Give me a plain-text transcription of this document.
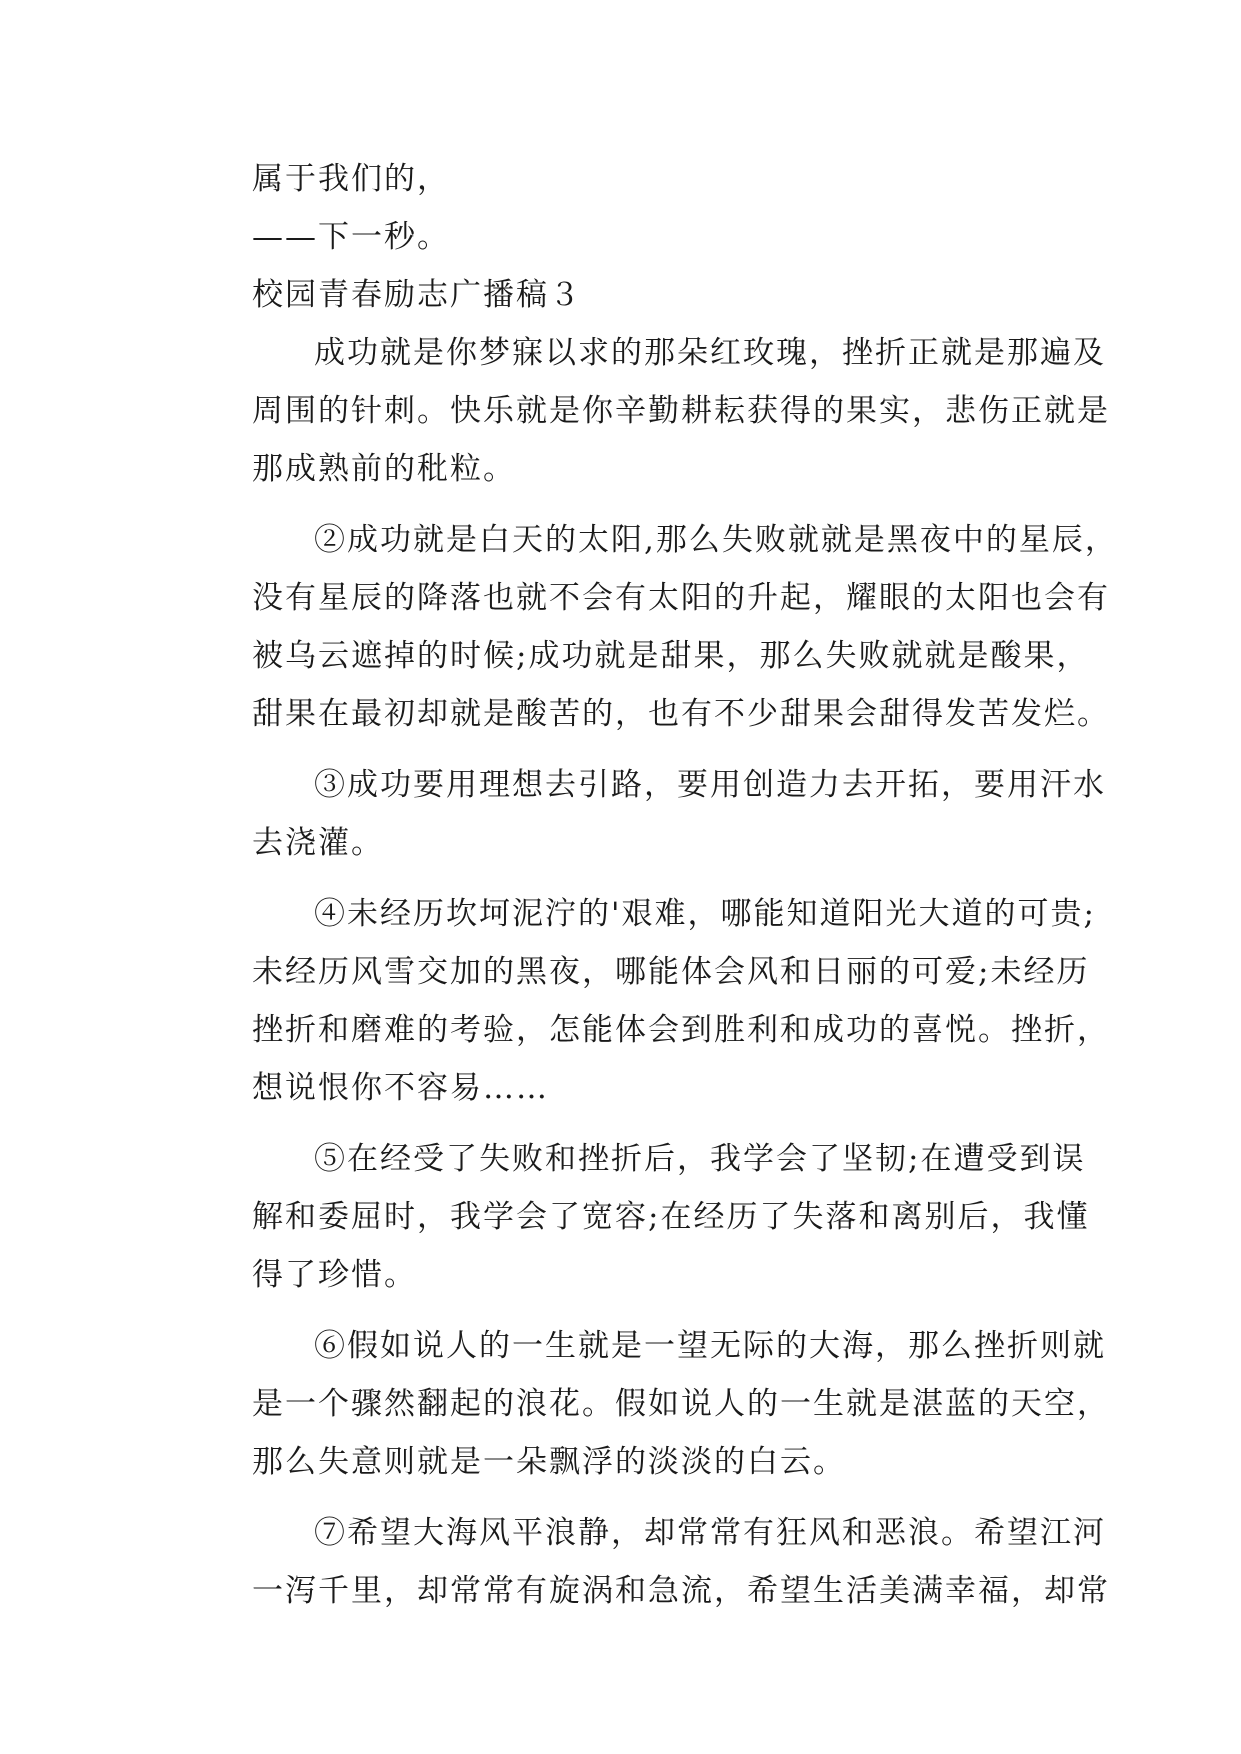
属于我们的，
——下一秒。
校园青春励志广播稿３
成功就是你梦寐以求的那朵红玫瑰，挫折正就是那遍及
周围的针刺。快乐就是你辛勤耕耘获得的果实，悲伤正就是
那成熟前的秕粒。
②成功就是白天的太阳,那么失败就就是黑夜中的星辰，
没有星辰的降落也就不会有太阳的升起，耀眼的太阳也会有
被乌云遮掉的时候;成功就是甜果，那么失败就就是酸果，
甜果在最初却就是酸苦的，也有不少甜果会甜得发苦发烂。
③成功要用理想去引路，要用创造力去开拓，要用汗水
去浇灌。
④未经历坎坷泥泞的'艰难，哪能知道阳光大道的可贵;
未经历风雪交加的黑夜，哪能体会风和日丽的可爱;未经历
挫折和磨难的考验，怎能体会到胜利和成功的喜悦。挫折，
想说恨你不容易……
⑤在经受了失败和挫折后，我学会了坚韧;在遭受到误
解和委屈时，我学会了宽容;在经历了失落和离别后，我懂
得了珍惜。
⑥假如说人的一生就是一望无际的大海，那么挫折则就
是一个骤然翻起的浪花。假如说人的一生就是湛蓝的天空，
那么失意则就是一朵飘浮的淡淡的白云。
⑦希望大海风平浪静，却常常有狂风和恶浪。希望江河
一泻千里，却常常有旋涡和急流，希望生活美满幸福，却常
